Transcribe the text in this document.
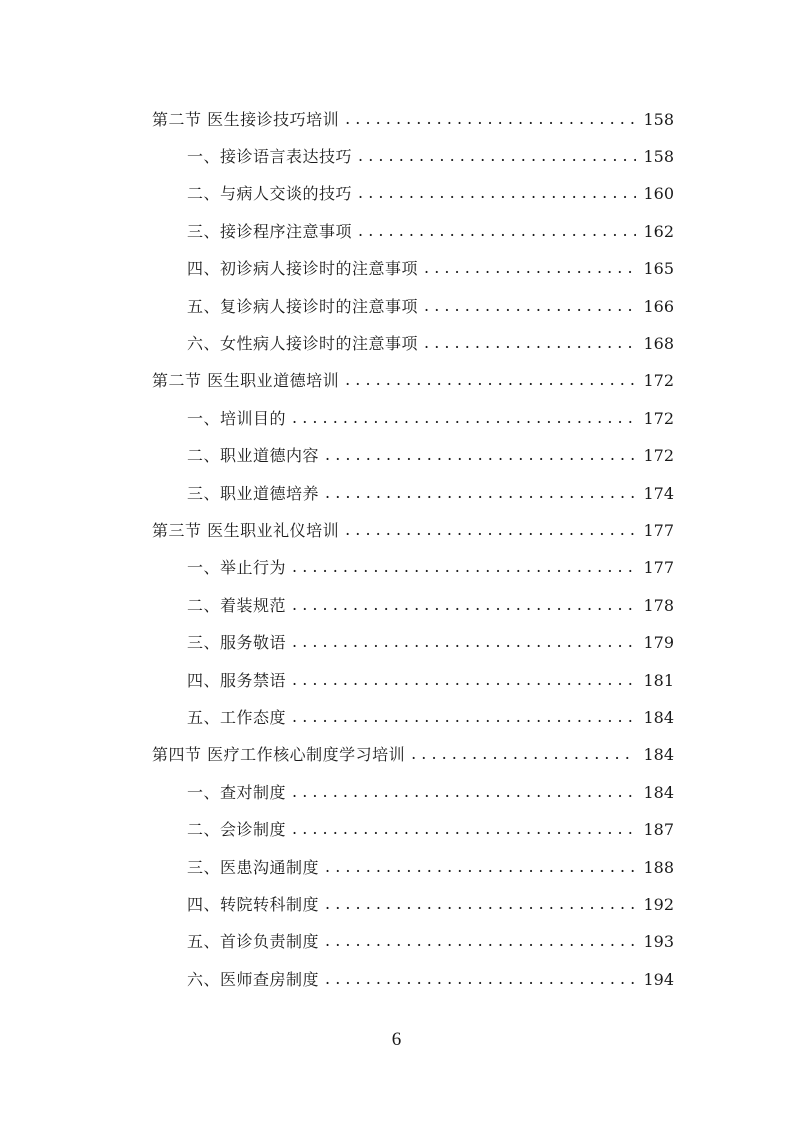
第二节 医生接诊技巧培训 . . .	158
一、接诊语言表达技巧 . . .	158
二、与病人交谈的技巧 . . .	160
三、接诊程序注意事项 . . .	162
四、初诊病人接诊时的注意事项 . . .	165
五、复诊病人接诊时的注意事项 . . .	166
六、女性病人接诊时的注意事项 . . .	168
第二节 医生职业道德培训 . . .	172
一、培训目的 . . .	172
二、职业道德内容 . . .	172
三、职业道德培养 . . .	174
第三节 医生职业礼仪培训 . . .	177
一、举止行为 . . .	177
二、着装规范 . . .	178
三、服务敬语 . . .	179
四、服务禁语 . . .	181
五、工作态度 . . .	184
第四节 医疗工作核心制度学习培训 . . .	184
一、查对制度 . . .	184
二、会诊制度 . . .	187
三、医患沟通制度 . . .	188
四、转院转科制度 . . .	192
五、首诊负责制度 . . .	193
六、医师查房制度 . . .	194
6
